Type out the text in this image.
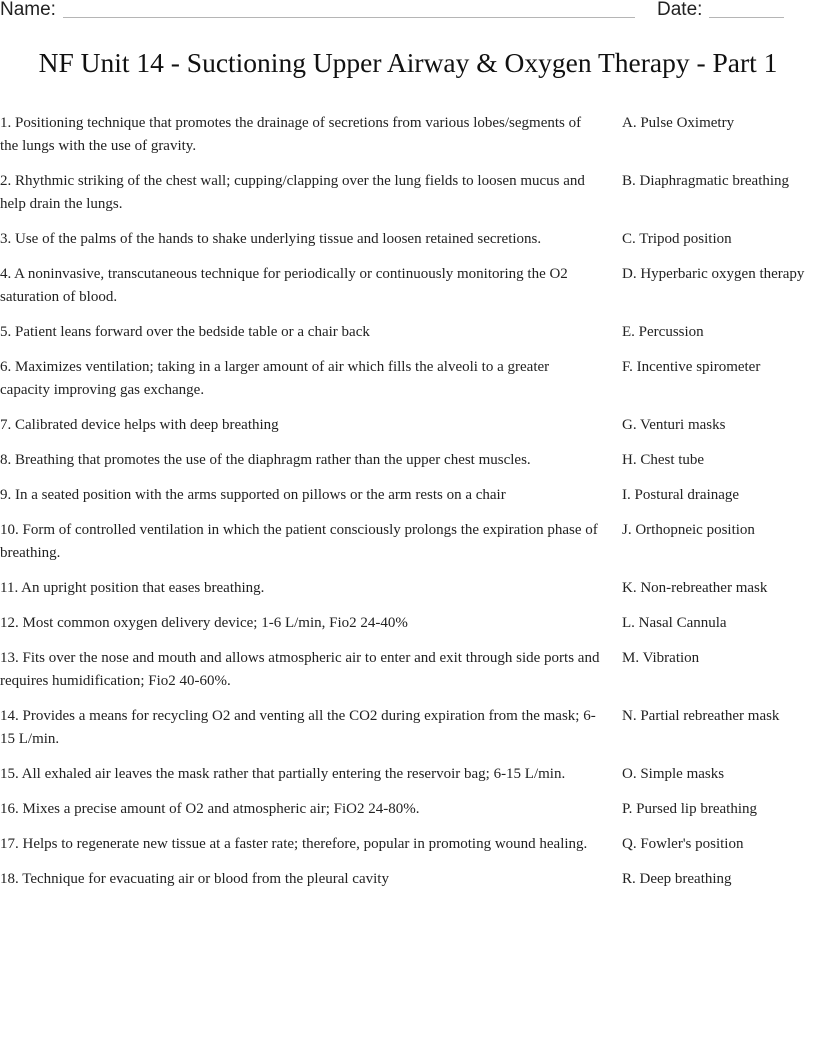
Name:	Date:
NF Unit 14 - Suctioning Upper Airway & Oxygen Therapy - Part 1
1. Positioning technique that promotes the drainage of secretions from various lobes/segments of the lungs with the use of gravity.
A. Pulse Oximetry
2. Rhythmic striking of the chest wall; cupping/clapping over the lung fields to loosen mucus and help drain the lungs.
B. Diaphragmatic breathing
3. Use of the palms of the hands to shake underlying tissue and loosen retained secretions.	C. Tripod position
4. A noninvasive, transcutaneous technique for periodically or continuously monitoring the O2 saturation of blood.
D. Hyperbaric oxygen therapy
5. Patient leans forward over the bedside table or a chair back	E. Percussion
6. Maximizes ventilation; taking in a larger amount of air which fills the alveoli to a greater capacity improving gas exchange.
F. Incentive spirometer
7. Calibrated device helps with deep breathing	G. Venturi masks
8. Breathing that promotes the use of the diaphragm rather than the upper chest muscles.	H. Chest tube
9. In a seated position with the arms supported on pillows or the arm rests on a chair	I. Postural drainage
10. Form of controlled ventilation in which the patient consciously prolongs the expiration phase of breathing.
J. Orthopneic position
11. An upright position that eases breathing.	K. Non-rebreather mask
12. Most common oxygen delivery device; 1-6 L/min, Fio2 24-40%	L. Nasal Cannula
13. Fits over the nose and mouth and allows atmospheric air to enter and exit through side ports and requires humidification; Fio2 40-60%.
M. Vibration
14. Provides a means for recycling O2 and venting all the CO2 during expiration from the mask; 6-15 L/min.
N. Partial rebreather mask
15. All exhaled air leaves the mask rather that partially entering the reservoir bag; 6-15 L/min.	O. Simple masks
16. Mixes a precise amount of O2 and atmospheric air; FiO2 24-80%.	P. Pursed lip breathing
17. Helps to regenerate new tissue at a faster rate; therefore, popular in promoting wound healing.	Q. Fowler's position
18. Technique for evacuating air or blood from the pleural cavity	R. Deep breathing
